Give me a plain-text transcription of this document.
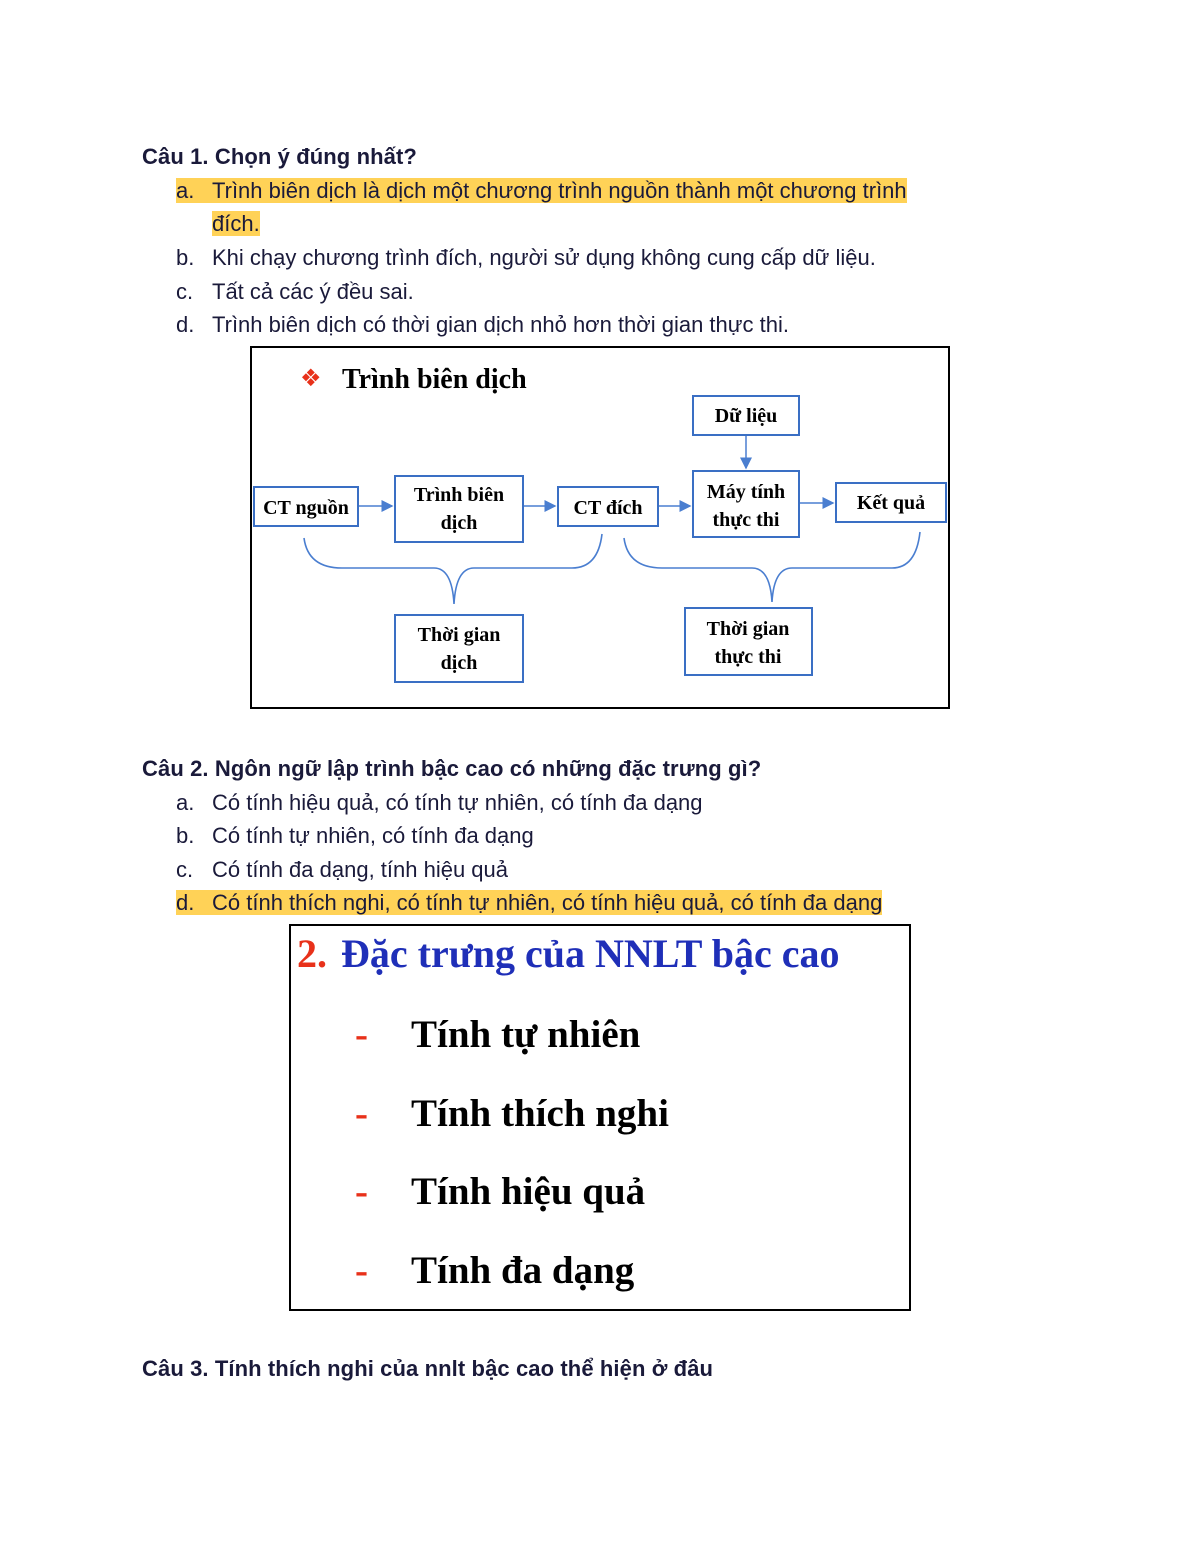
Câu 1. Chọn ý đúng nhất?
a. Trình biên dịch là dịch một chương trình nguồn thành một chương trình
đích.
b. Khi chạy chương trình đích, người sử dụng không cung cấp dữ liệu.
c. Tất cả các ý đều sai.
d. Trình biên dịch có thời gian dịch nhỏ hơn thời gian thực thi.
❖ Trình biên dịch
CT nguồn
Trình biên
dịch
CT đích
Dữ liệu
Máy tính
thực thi
Kết quả
Thời gian
dịch
Thời gian
thực thi
Câu 2. Ngôn ngữ lập trình bậc cao có những đặc trưng gì?
a. Có tính hiệu quả, có tính tự nhiên, có tính đa dạng
b. Có tính tự nhiên, có tính đa dạng
c. Có tính đa dạng, tính hiệu quả
d. Có tính thích nghi, có tính tự nhiên, có tính hiệu quả, có tính đa dạng
2. Đặc trưng của NNLT bậc cao
- Tính tự nhiên
- Tính thích nghi
- Tính hiệu quả
- Tính đa dạng
Câu 3. Tính thích nghi của nnlt bậc cao thể hiện ở đâu
